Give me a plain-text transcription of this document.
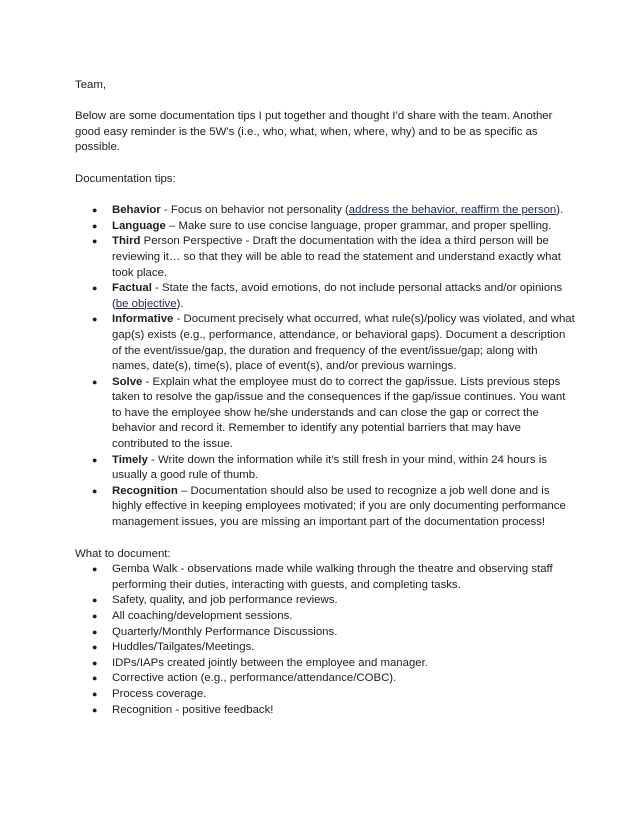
Team,

Below are some documentation tips I put together and thought I’d share with the team. Another good easy reminder is the 5W’s (i.e., who, what, when, where, why) and to be as specific as possible.

Documentation tips:

● Behavior - Focus on behavior not personality (address the behavior, reaffirm the person).
● Language – Make sure to use concise language, proper grammar, and proper spelling.
● Third Person Perspective - Draft the documentation with the idea a third person will be reviewing it… so that they will be able to read the statement and understand exactly what took place.
● Factual - State the facts, avoid emotions, do not include personal attacks and/or opinions (be objective).
● Informative - Document precisely what occurred, what rule(s)/policy was violated, and what gap(s) exists (e.g., performance, attendance, or behavioral gaps). Document a description of the event/issue/gap, the duration and frequency of the event/issue/gap; along with names, date(s), time(s), place of event(s), and/or previous warnings.
● Solve - Explain what the employee must do to correct the gap/issue. Lists previous steps taken to resolve the gap/issue and the consequences if the gap/issue continues. You want to have the employee show he/she understands and can close the gap or correct the behavior and record it. Remember to identify any potential barriers that may have contributed to the issue.
● Timely - Write down the information while it’s still fresh in your mind, within 24 hours is usually a good rule of thumb.
● Recognition – Documentation should also be used to recognize a job well done and is highly effective in keeping employees motivated; if you are only documenting performance management issues, you are missing an important part of the documentation process!

What to document:

● Gemba Walk - observations made while walking through the theatre and observing staff performing their duties, interacting with guests, and completing tasks.
● Safety, quality, and job performance reviews.
● All coaching/development sessions.
● Quarterly/Monthly Performance Discussions.
● Huddles/Tailgates/Meetings.
● IDPs/IAPs created jointly between the employee and manager.
● Corrective action (e.g., performance/attendance/COBC).
● Process coverage.
● Recognition - positive feedback!
